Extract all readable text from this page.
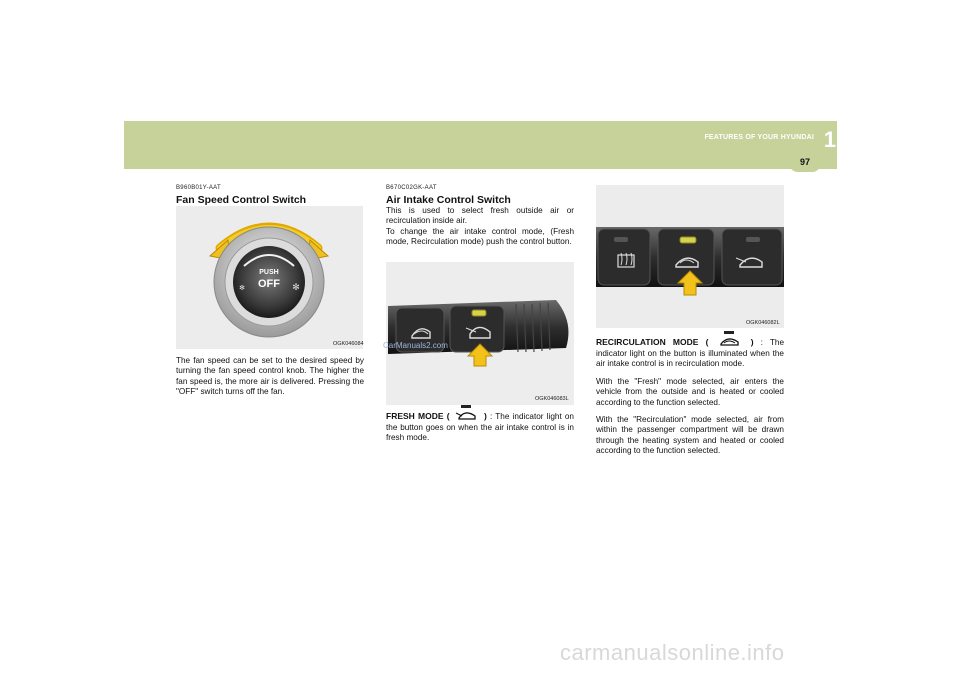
FEATURES OF YOUR HYUNDAI 1
97
B960B01Y-AAT
Fan Speed Control Switch
PUSH
OFF
✻	✻
OGK046084
The fan speed can be set to the desired speed by turning the fan speed control knob. The higher the fan speed is, the more air is delivered. Pressing the "OFF" switch turns off the fan.
B670C02GK-AAT
Air Intake Control Switch
This is used to select fresh outside air or recirculation inside air.
To change the air intake control mode, (Fresh mode, Recirculation mode) push the control button.
CarManuals2.com
OGK046083L
FRESH MODE (	) : The indicator light on the button goes on when the air intake control is in fresh mode.
OGK046082L
RECIRCULATION MODE (	) : The indicator light on the button is illuminated when the air intake control is in recirculation mode.
With the "Fresh" mode selected, air enters the vehicle from the outside and is heated or cooled according to the function selected.
With the "Recirculation" mode selected, air from within the passenger compartment will be drawn through the heating system and heated or cooled according to the function selected.
carmanualsonline.info
